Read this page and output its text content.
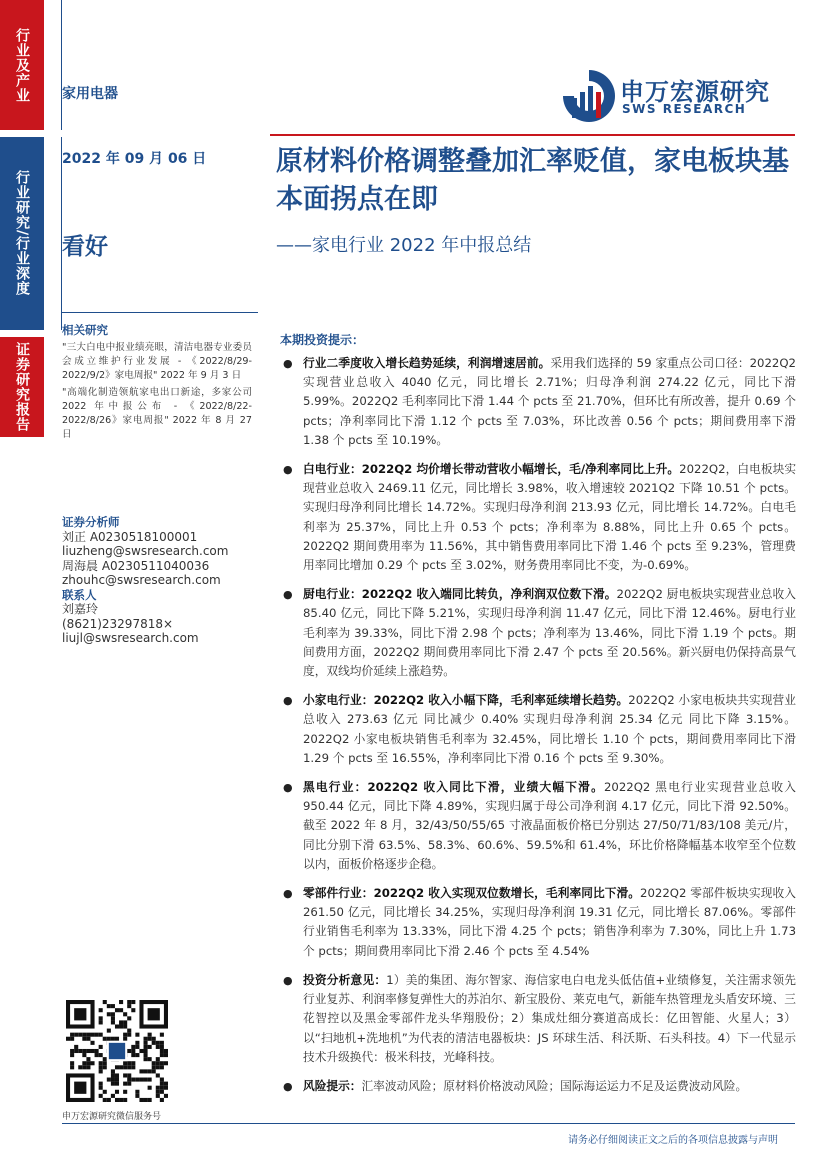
行业及产业
行业研究/行业深度
证券研究报告
家用电器	申万宏源研究
SWS RESEARCH
2022 年 09 月 06 日	原材料价格调整叠加汇率贬值，家电板块基本面拐点在即
——家电行业 2022 年中报总结
看好
相关研究

"三大白电中报业绩亮眼，清洁电器专业委员会成立维护行业发展 - 《2022/8/29-2022/9/2》家电周报" 2022 年 9 月 3 日

"高端化制造领航家电出口新途，多家公司 2022 年中报公布 - 《2022/8/22-2022/8/26》家电周报" 2022 年 8 月 27 日

证券分析师
刘正 A0230518100001
liuzheng@swsresearch.com
周海晨 A0230511040036
zhouhc@swsresearch.com
联系人
刘嘉玲
(8621)23297818×
liujl@swsresearch.com
申万宏源研究微信服务号
本期投资提示：
● 行业二季度收入增长趋势延续，利润增速居前。采用我们选择的 59 家重点公司口径：2022Q2 实现营业总收入 4040 亿元，同比增长 2.71%；归母净利润 274.22 亿元，同比下滑 5.99%。2022Q2 毛利率同比下滑 1.44 个 pcts 至 21.70%，但环比有所改善，提升 0.69 个 pcts；净利率同比下滑 1.12 个 pcts 至 7.03%，环比改善 0.56 个 pcts；期间费用率下滑 1.38 个 pcts 至 10.19%。
● 白电行业：2022Q2 均价增长带动营收小幅增长，毛/净利率同比上升。2022Q2，白电板块实现营业总收入 2469.11 亿元，同比增长 3.98%，收入增速较 2021Q2 下降 10.51 个 pcts。实现归母净利同比增长 14.72%。实现归母净利润 213.93 亿元，同比增长 14.72%。白电毛利率为 25.37%，同比上升 0.53 个 pcts；净利率为 8.88%，同比上升 0.65 个 pcts。2022Q2 期间费用率为 11.56%，其中销售费用率同比下滑 1.46 个 pcts 至 9.23%，管理费用率同比增加 0.29 个 pcts 至 3.02%，财务费用率同比不变，为-0.69%。
● 厨电行业：2022Q2 收入端同比转负，净利润双位数下滑。2022Q2 厨电板块实现营业总收入 85.40 亿元，同比下降 5.21%，实现归母净利润 11.47 亿元，同比下滑 12.46%。厨电行业毛利率为 39.33%，同比下滑 2.98 个 pcts；净利率为 13.46%，同比下滑 1.19 个 pcts。期间费用方面，2022Q2 期间费用率同比下滑 2.47 个 pcts 至 20.56%。新兴厨电仍保持高景气度，双线均价延续上涨趋势。
● 小家电行业：2022Q2 收入小幅下降，毛利率延续增长趋势。2022Q2 小家电板块共实现营业总收入 273.63 亿元 同比减少 0.40% 实现归母净利润 25.34 亿元 同比下降 3.15%。2022Q2 小家电板块销售毛利率为 32.45%，同比增长 1.10 个 pcts，期间费用率同比下滑 1.29 个 pcts 至 16.55%，净利率同比下滑 0.16 个 pcts 至 9.30%。
● 黑电行业：2022Q2 收入同比下滑，业绩大幅下滑。2022Q2 黑电行业实现营业总收入 950.44 亿元，同比下降 4.89%，实现归属于母公司净利润 4.17 亿元，同比下滑 92.50%。截至 2022 年 8 月，32/43/50/55/65 寸液晶面板价格已分别达 27/50/71/83/108 美元/片，同比分别下滑 63.5%、58.3%、60.6%、59.5%和 61.4%，环比价格降幅基本收窄至个位数以内，面板价格逐步企稳。
● 零部件行业：2022Q2 收入实现双位数增长，毛利率同比下滑。2022Q2 零部件板块实现收入 261.50 亿元，同比增长 34.25%，实现归母净利润 19.31 亿元，同比增长 87.06%。零部件行业销售毛利率为 13.33%，同比下滑 4.25 个 pcts；销售净利率为 7.30%，同比上升 1.73 个 pcts；期间费用率同比下滑 2.46 个 pcts 至 4.54%
● 投资分析意见：1）美的集团、海尔智家、海信家电白电龙头低估值+业绩修复，关注需求领先行业复苏、利润率修复弹性大的苏泊尔、新宝股份、莱克电气，新能车热管理龙头盾安环境、三花智控以及黑金零部件龙头华翔股份；2）集成灶细分赛道高成长：亿田智能、火星人；3）以“扫地机+洗地机”为代表的清洁电器板块：JS 环球生活、科沃斯、石头科技。4）下一代显示技术升级换代：极米科技，光峰科技。
● 风险提示：汇率波动风险；原材料价格波动风险；国际海运运力不足及运费波动风险。
请务必仔细阅读正文之后的各项信息披露与声明
